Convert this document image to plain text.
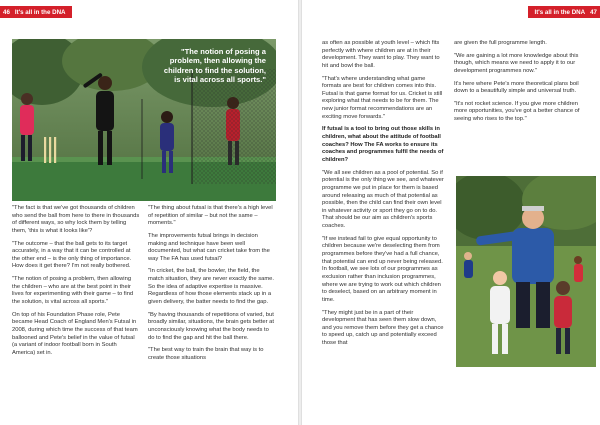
46 It's all in the DNA
"The notion of posing a problem, then allowing the children to find the solution, is vital across all sports."

"The fact is that we've got thousands of children who send the ball from here to there in thousands of different ways, so why lock them by telling them, 'this is what it looks like'?

"The outcome – that the ball gets to its target accurately, in a way that it can be controlled at the other end – is the only thing of importance. How does it get there? I'm not really bothered.

"The notion of posing a problem, then allowing the children – who are at the best point in their lives for experimenting with their game – to find the solution, is vital across all sports."

On top of his Foundation Phase role, Pete became Head Coach of England Men's Futsal in 2008, during which time the success of that team ballooned and Pete's belief in the value of futsal (a variant of indoor football born in South America) set in.

"The thing about futsal is that there's a high level of repetition of similar – but not the same – moments."

The improvements futsal brings in decision making and technique have been well documented, but what can cricket take from the way The FA has used futsal?

"In cricket, the ball, the bowler, the field, the match situation, they are never exactly the same. So the idea of adaptive expertise is massive. Regardless of how those elements stack up in a given delivery, the batter needs to find the gap.

"By having thousands of repetitions of varied, but broadly similar, situations, the brain gets better at unconsciously knowing what the body needs to do to find the gap and hit the ball there.

"The best way to train the brain that way is to create those situations

It's all in the DNA 47

as often as possible at youth level – which fits perfectly with where children are at in their development. They want to play. They want to hit and bowl the ball.

"That's where understanding what game formats are best for children comes into this. Futsal is that game format for us. Cricket is still exploring what that needs to be for them. The new junior format recommendations are an exciting move forwards."

If futsal is a tool to bring out those skills in children, what about the attitude of football coaches? How The FA works to ensure its coaches and programmes fulfil the needs of children?

"We all see children as a pool of potential. So if potential is the only thing we see, and whatever programme we put in place for them is based around releasing as much of that potential as possible, then the child can find their own level in whatever activity or sport they go on to do. That should be our aim as children's sports coaches.

"If we instead fail to give equal opportunity to children because we're deselecting them from programmes before they've had a full chance, that potential can end up never being released. In football, we see lots of our programmes as exclusion rather than inclusion programmes, where we are trying to work out which children to deselect, based on an arbitrary moment in time.

"They might just be in a part of their development that has seen them slow down, and you remove them before they get a chance to speed up, catch up and potentially exceed those that

are given the full programme length.

"We are gaining a lot more knowledge about this though, which means we need to apply it to our development programmes now."

It's here where Pete's more theoretical plans boil down to a beautifully simple and universal truth.

"It's not rocket science. If you give more children more opportunities, you've got a better chance of seeing who rises to the top."
